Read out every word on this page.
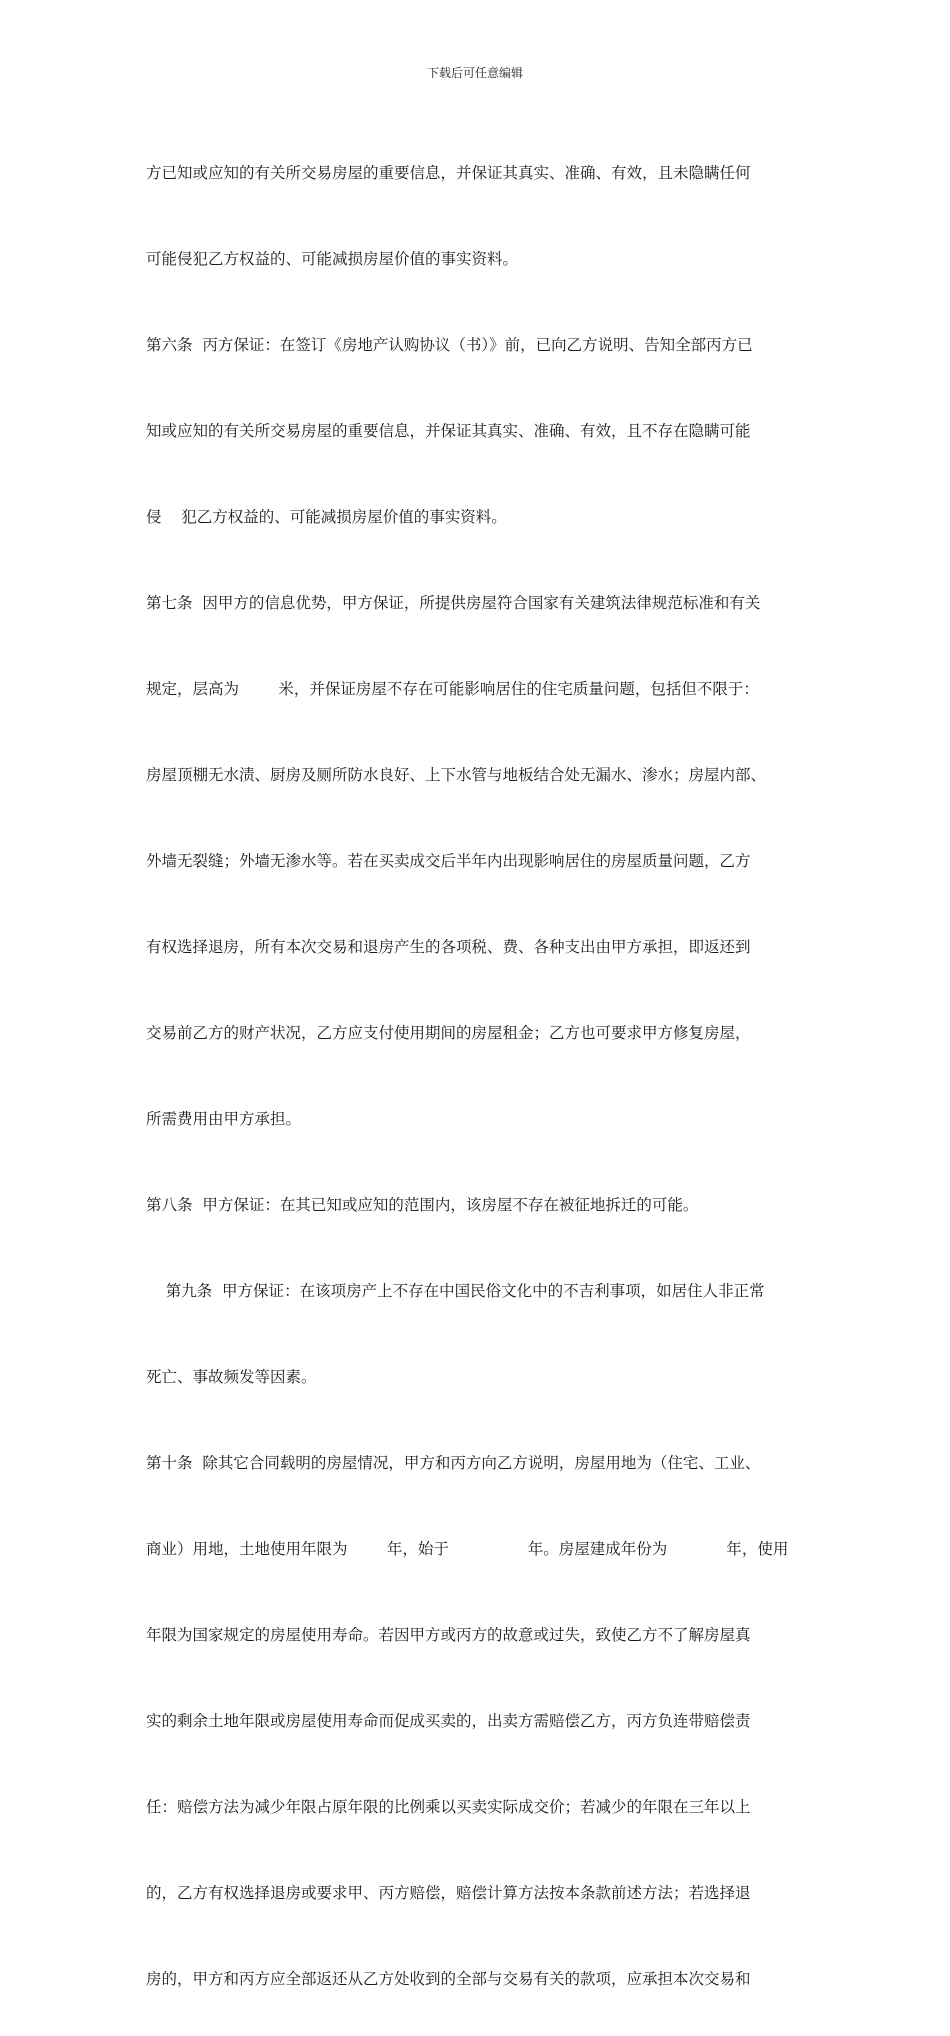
下载后可任意编辑

方已知或应知的有关所交易房屋的重要信息，并保证其真实、准确、有效，且未隐瞒任何

可能侵犯乙方权益的、可能减损房屋价值的事实资料。

第六条  丙方保证：在签订《房地产认购协议（书）》前，已向乙方说明、告知全部丙方已

知或应知的有关所交易房屋的重要信息，并保证其真实、准确、有效，且不存在隐瞒可能

侵    犯乙方权益的、可能减损房屋价值的事实资料。

第七条  因甲方的信息优势，甲方保证，所提供房屋符合国家有关建筑法律规范标准和有关

规定，层高为        米，并保证房屋不存在可能影响居住的住宅质量问题，包括但不限于：

房屋顶棚无水渍、厨房及厕所防水良好、上下水管与地板结合处无漏水、渗水；房屋内部、

外墙无裂缝；外墙无渗水等。若在买卖成交后半年内出现影响居住的房屋质量问题，乙方

有权选择退房，所有本次交易和退房产生的各项税、费、各种支出由甲方承担，即返还到

交易前乙方的财产状况，乙方应支付使用期间的房屋租金；乙方也可要求甲方修复房屋，

所需费用由甲方承担。

第八条  甲方保证：在其已知或应知的范围内，该房屋不存在被征地拆迁的可能。

第九条  甲方保证：在该项房产上不存在中国民俗文化中的不吉利事项，如居住人非正常

死亡、事故频发等因素。

第十条  除其它合同载明的房屋情况，甲方和丙方向乙方说明，房屋用地为（住宅、工业、

商业）用地，土地使用年限为        年，始于                年。房屋建成年份为            年，使用

年限为国家规定的房屋使用寿命。若因甲方或丙方的故意或过失，致使乙方不了解房屋真

实的剩余土地年限或房屋使用寿命而促成买卖的，出卖方需赔偿乙方，丙方负连带赔偿责

任：赔偿方法为减少年限占原年限的比例乘以买卖实际成交价；若减少的年限在三年以上

的，乙方有权选择退房或要求甲、丙方赔偿，赔偿计算方法按本条款前述方法；若选择退

房的，甲方和丙方应全部返还从乙方处收到的全部与交易有关的款项，应承担本次交易和
